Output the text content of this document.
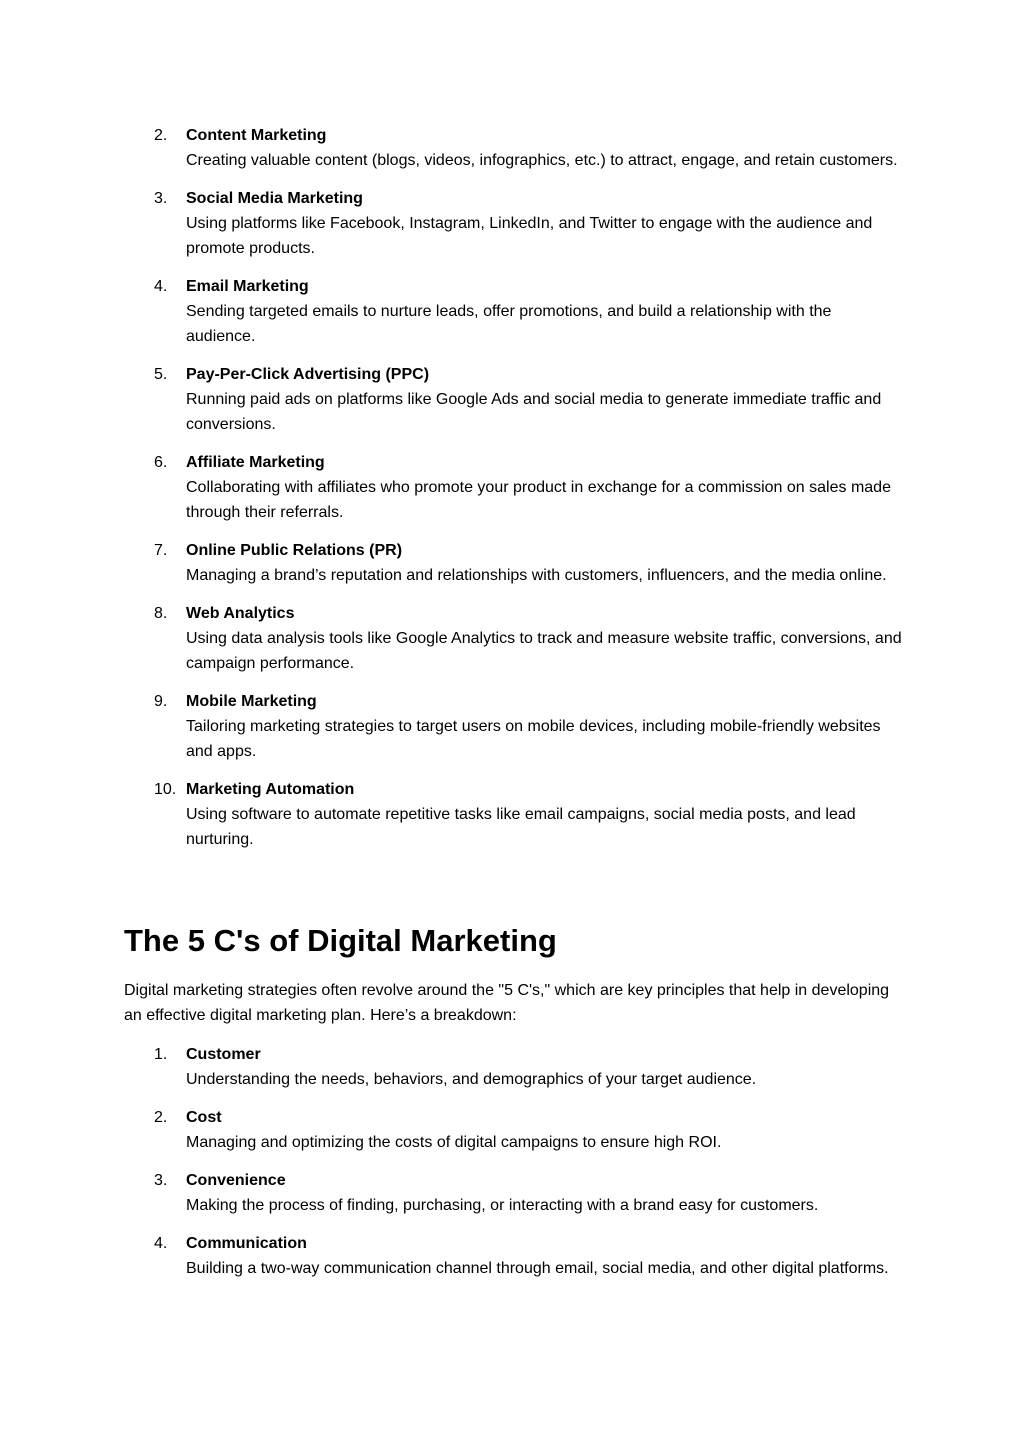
2. Content Marketing
Creating valuable content (blogs, videos, infographics, etc.) to attract, engage, and retain customers.
3. Social Media Marketing
Using platforms like Facebook, Instagram, LinkedIn, and Twitter to engage with the audience and promote products.
4. Email Marketing
Sending targeted emails to nurture leads, offer promotions, and build a relationship with the audience.
5. Pay-Per-Click Advertising (PPC)
Running paid ads on platforms like Google Ads and social media to generate immediate traffic and conversions.
6. Affiliate Marketing
Collaborating with affiliates who promote your product in exchange for a commission on sales made through their referrals.
7. Online Public Relations (PR)
Managing a brand’s reputation and relationships with customers, influencers, and the media online.
8. Web Analytics
Using data analysis tools like Google Analytics to track and measure website traffic, conversions, and campaign performance.
9. Mobile Marketing
Tailoring marketing strategies to target users on mobile devices, including mobile-friendly websites and apps.
10. Marketing Automation
Using software to automate repetitive tasks like email campaigns, social media posts, and lead nurturing.
The 5 C's of Digital Marketing

Digital marketing strategies often revolve around the "5 C's," which are key principles that help in developing an effective digital marketing plan. Here’s a breakdown:

1. Customer
Understanding the needs, behaviors, and demographics of your target audience.
2. Cost
Managing and optimizing the costs of digital campaigns to ensure high ROI.
3. Convenience
Making the process of finding, purchasing, or interacting with a brand easy for customers.
4. Communication
Building a two-way communication channel through email, social media, and other digital platforms.
